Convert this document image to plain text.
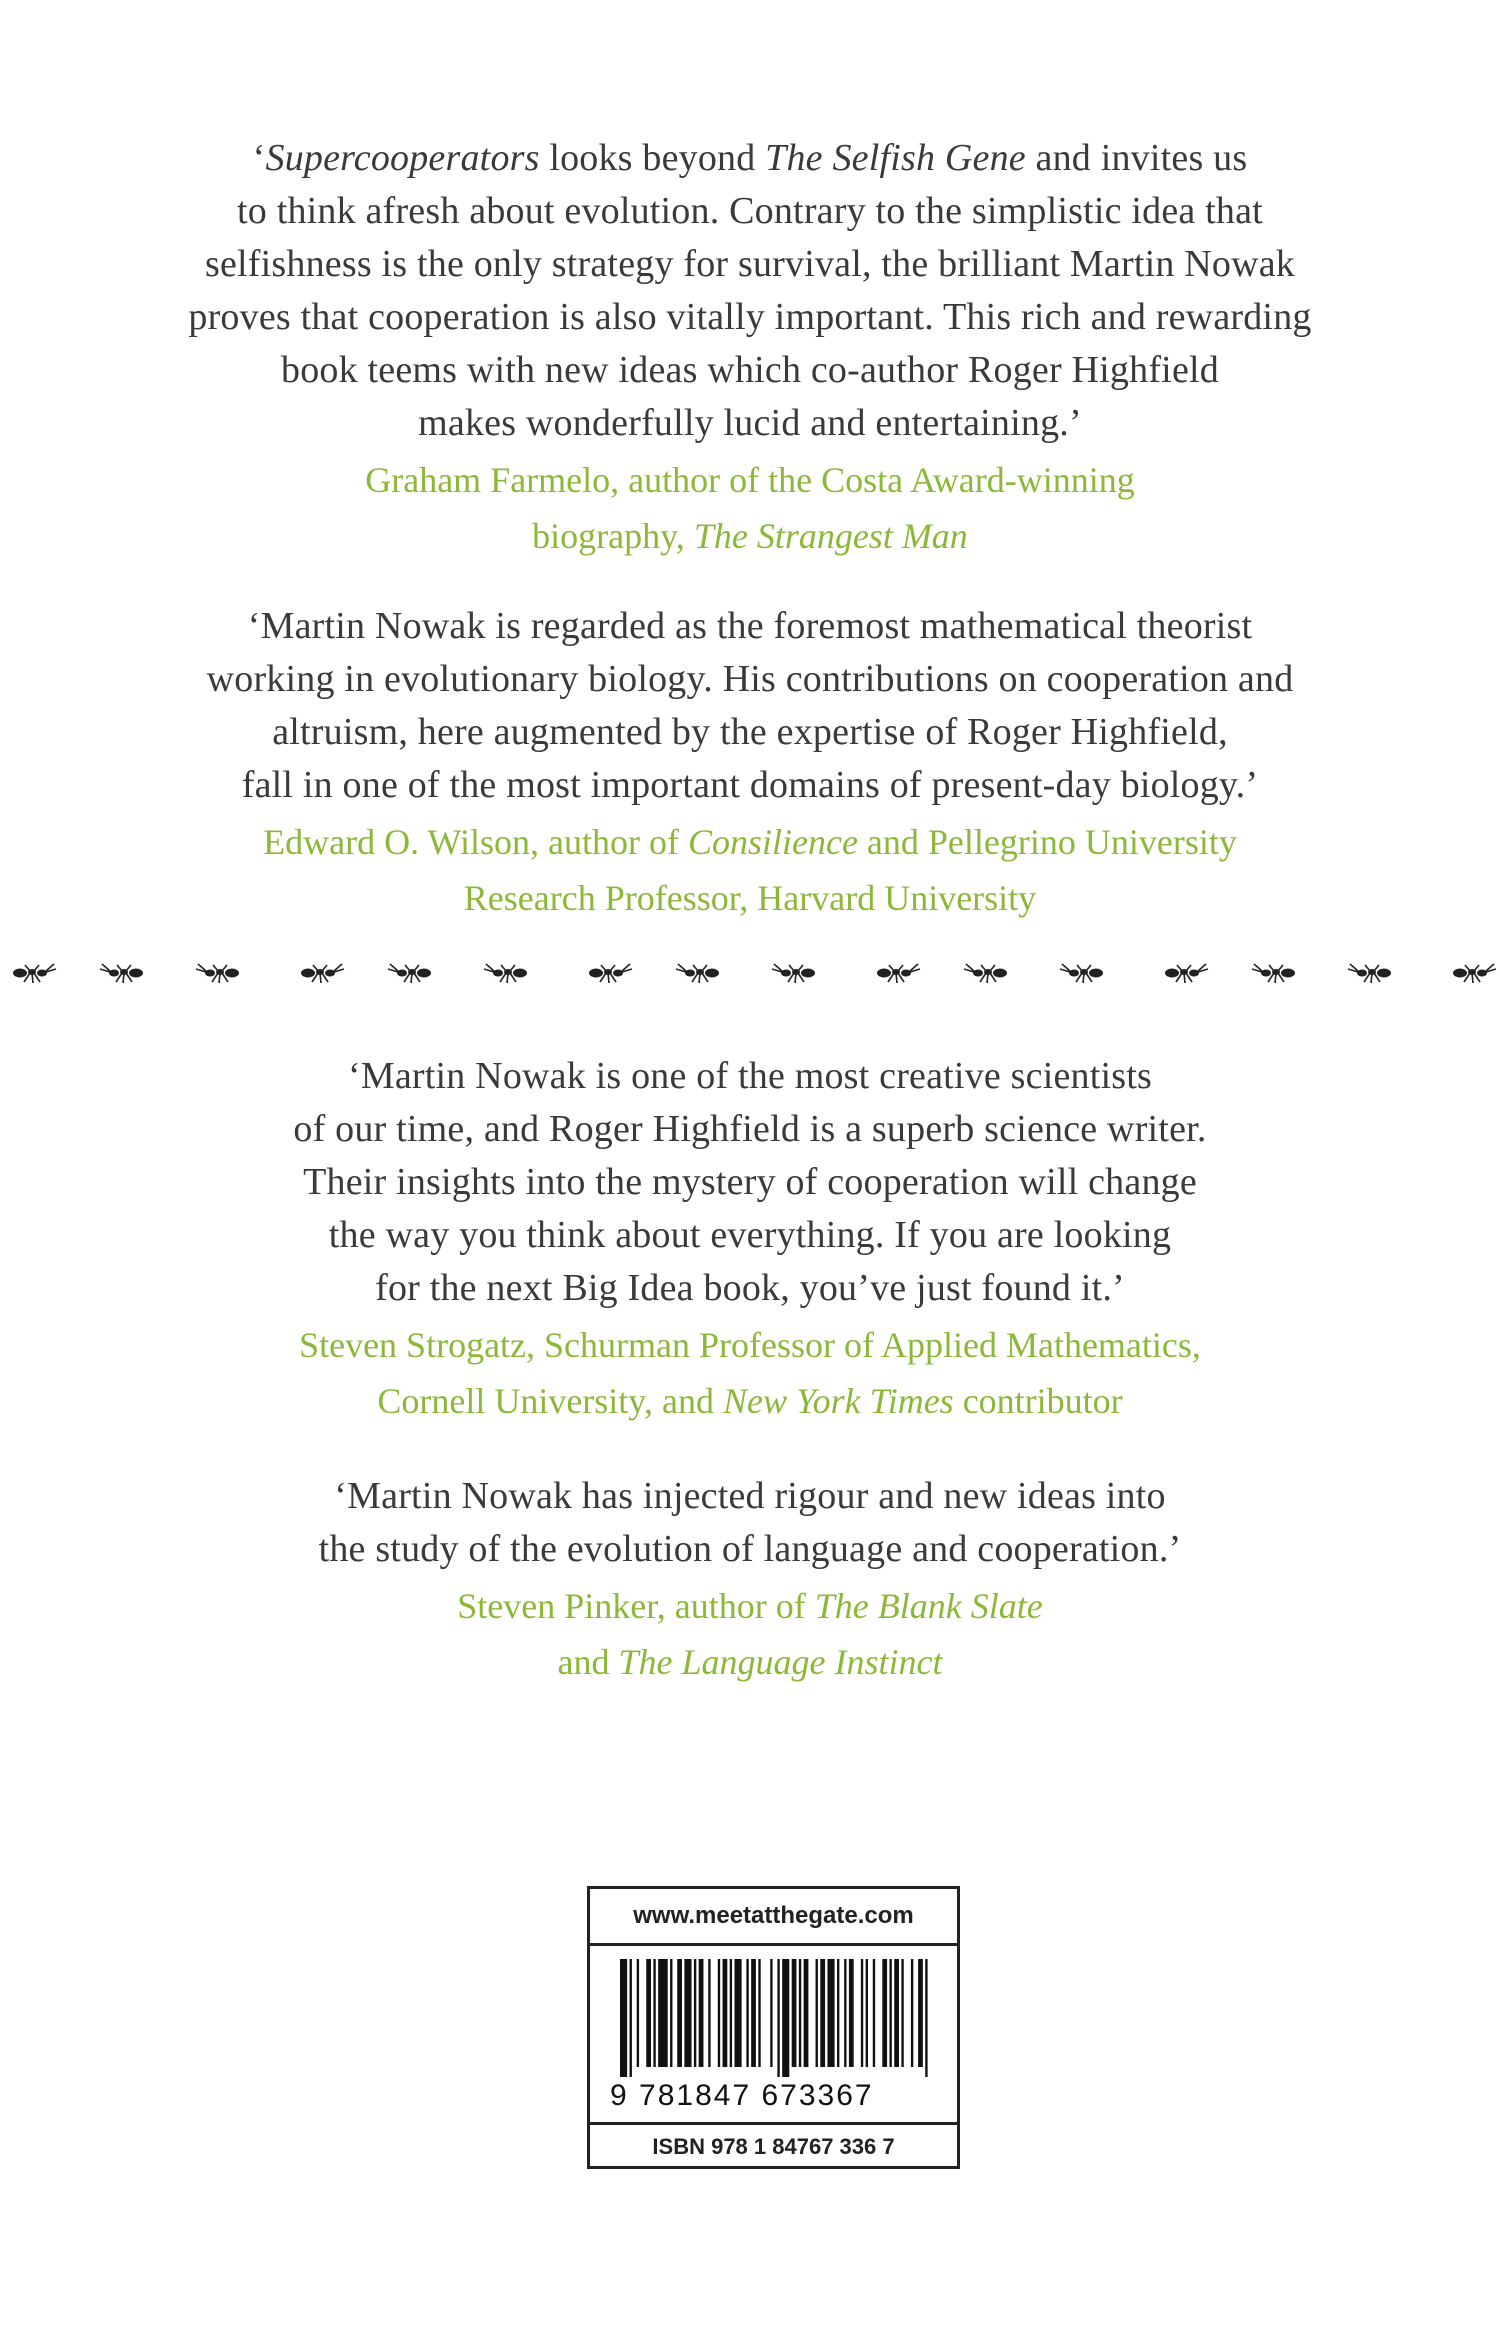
‘Supercooperators looks beyond The Selfish Gene and invites us

to think afresh about evolution. Contrary to the simplistic idea that

selfishness is the only strategy for survival, the brilliant Martin Nowak

proves that cooperation is also vitally important. This rich and rewarding

book teems with new ideas which co-author Roger Highfield

makes wonderfully lucid and entertaining.’

Graham Farmelo, author of the Costa Award-winning

biography, The Strangest Man

‘Martin Nowak is regarded as the foremost mathematical theorist

working in evolutionary biology. His contributions on cooperation and

altruism, here augmented by the expertise of Roger Highfield,

fall in one of the most important domains of present-day biology.’

Edward O. Wilson, author of Consilience and Pellegrino University

Research Professor, Harvard University

‘Martin Nowak is one of the most creative scientists

of our time, and Roger Highfield is a superb science writer.

Their insights into the mystery of cooperation will change

the way you think about everything. If you are looking

for the next Big Idea book, you’ve just found it.’

Steven Strogatz, Schurman Professor of Applied Mathematics,

Cornell University, and New York Times contributor

‘Martin Nowak has injected rigour and new ideas into

the study of the evolution of language and cooperation.’

Steven Pinker, author of The Blank Slate

and The Language Instinct

www.meetatthegate.com
9 781847 673367
ISBN 978 1 84767 336 7
